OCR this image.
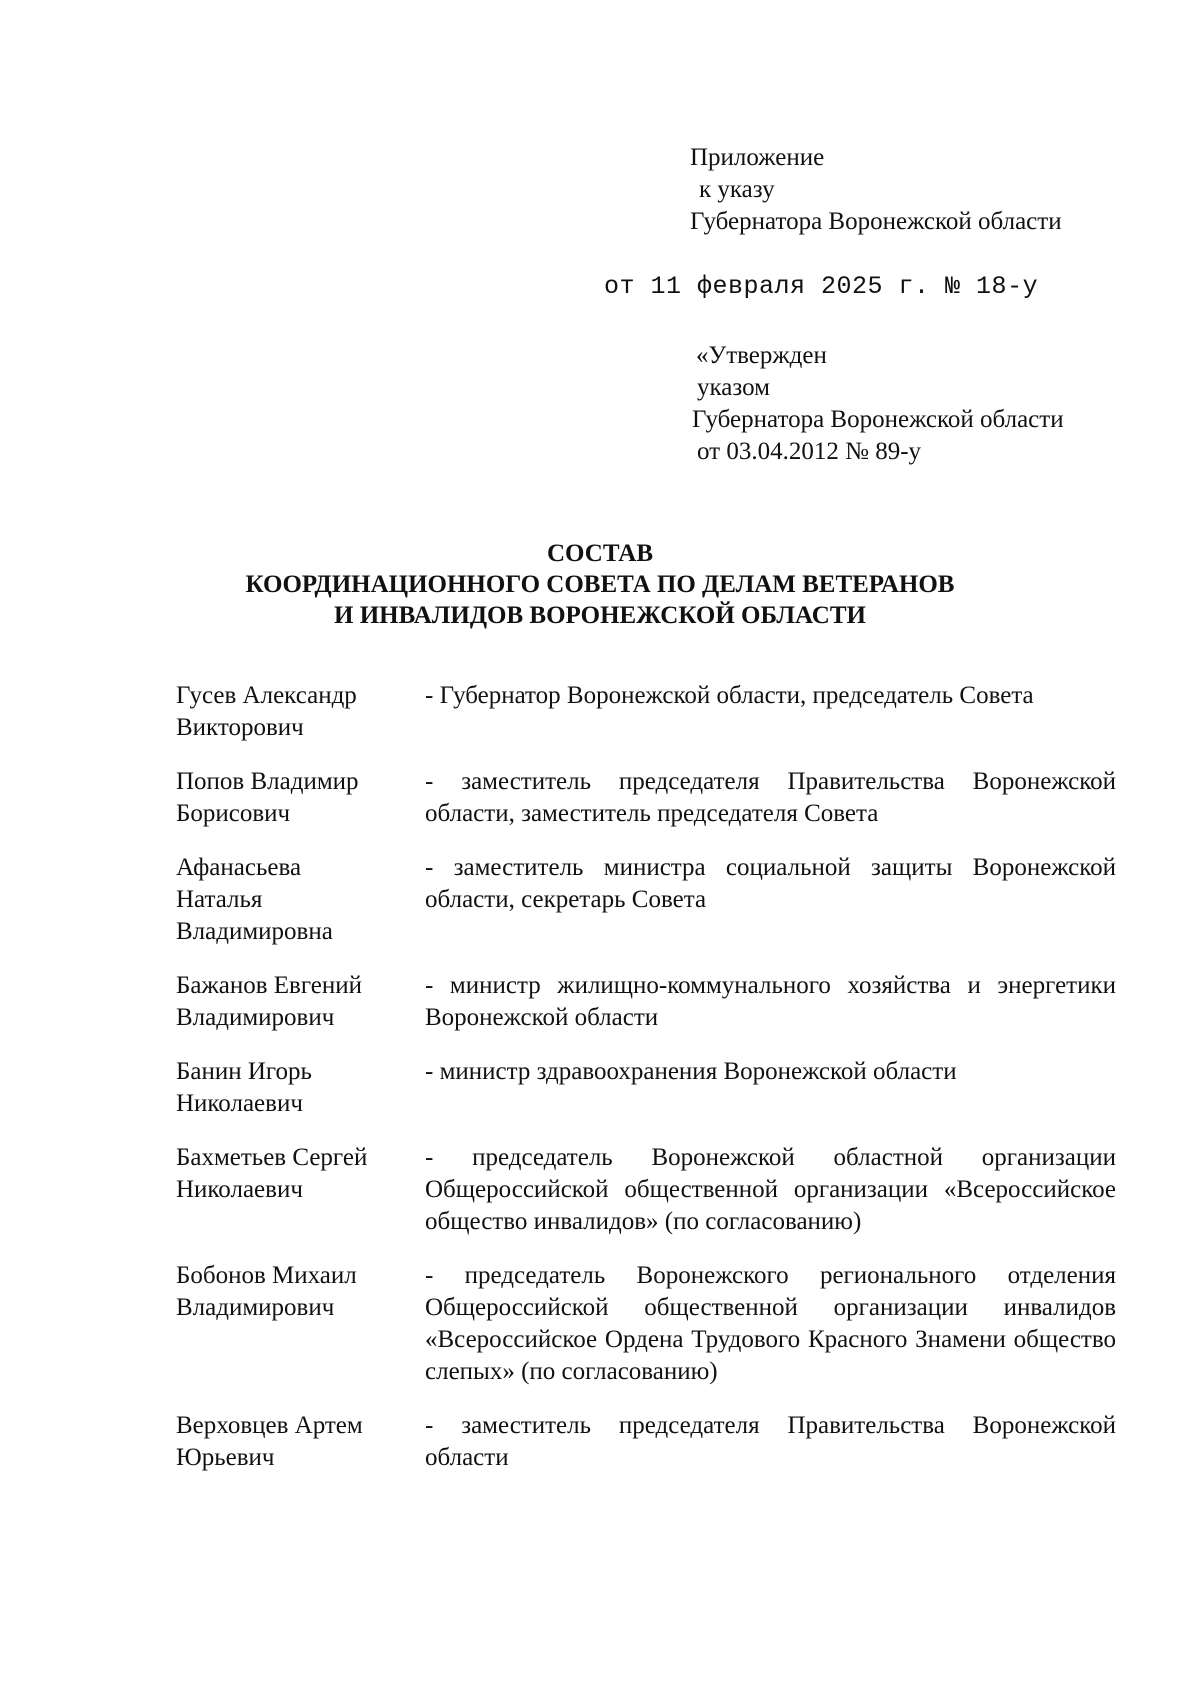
Приложение
к указу
Губернатора Воронежской области
от 11 февраля 2025 г. № 18-у
«Утвержден
указом
Губернатора Воронежской области
от 03.04.2012 № 89-у
СОСТАВ
КООРДИНАЦИОННОГО СОВЕТА ПО ДЕЛАМ ВЕТЕРАНОВ
И ИНВАЛИДОВ ВОРОНЕЖСКОЙ ОБЛАСТИ
Гусев Александр
Викторович
- Губернатор Воронежской области, председатель Совета
Попов Владимир
Борисович
- заместитель председателя Правительства Воронежской области, заместитель председателя Совета
Афанасьева
Наталья
Владимировна
- заместитель министра социальной защиты Воронежской области, секретарь Совета
Бажанов Евгений
Владимирович
- министр жилищно-коммунального хозяйства и энергетики Воронежской области
Банин Игорь
Николаевич
- министр здравоохранения Воронежской области
Бахметьев Сергей
Николаевич
- председатель Воронежской областной организации Общероссийской общественной организации «Всероссийское общество инвалидов» (по согласованию)
Бобонов Михаил
Владимирович
- председатель Воронежского регионального отделения Общероссийской общественной организации инвалидов «Всероссийское Ордена Трудового Красного Знамени общество слепых» (по согласованию)
Верховцев Артем
Юрьевич
- заместитель председателя Правительства Воронежской области
